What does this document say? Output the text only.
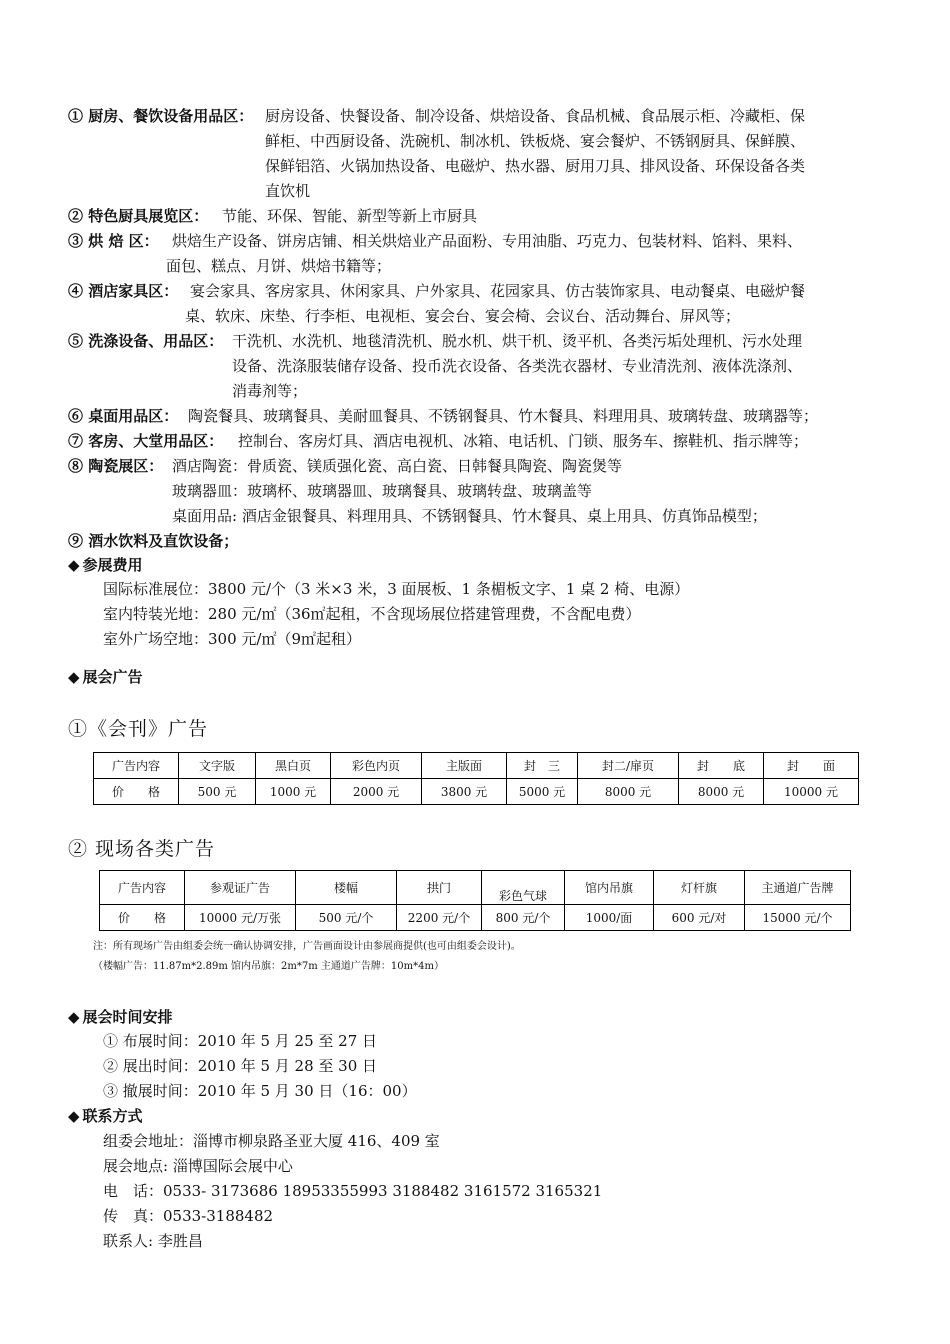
① 厨房、餐饮设备用品区： 厨房设备、快餐设备、制冷设备、烘焙设备、食品机械、食品展示柜、冷藏柜、保
鲜柜、中西厨设备、洗碗机、制冰机、铁板烧、宴会餐炉、不锈钢厨具、保鲜膜、
保鲜铝箔、火锅加热设备、电磁炉、热水器、厨用刀具、排风设备、环保设备各类
直饮机
② 特色厨具展览区： 节能、环保、智能、新型等新上市厨具
③ 烘 焙 区： 烘焙生产设备、饼房店铺、相关烘焙业产品面粉、专用油脂、巧克力、包装材料、馅料、果料、
面包、糕点、月饼、烘焙书籍等；
④ 酒店家具区： 宴会家具、客房家具、休闲家具、户外家具、花园家具、仿古装饰家具、电动餐桌、电磁炉餐
桌、软床、床垫、行李柜、电视柜、宴会台、宴会椅、会议台、活动舞台、屏风等；
⑤ 洗涤设备、用品区： 干洗机、水洗机、地毯清洗机、脱水机、烘干机、烫平机、各类污垢处理机、污水处理
设备、洗涤服装储存设备、投币洗衣设备、各类洗衣器材、专业清洗剂、液体洗涤剂、
消毒剂等；
⑥ 桌面用品区： 陶瓷餐具、玻璃餐具、美耐皿餐具、不锈钢餐具、竹木餐具、料理用具、玻璃转盘、玻璃器等；
⑦ 客房、大堂用品区： 控制台、客房灯具、酒店电视机、冰箱、电话机、门锁、服务车、擦鞋机、指示牌等；
⑧ 陶瓷展区： 酒店陶瓷：骨质瓷、镁质强化瓷、高白瓷、日韩餐具陶瓷、陶瓷煲等
玻璃器皿：玻璃杯、玻璃器皿、玻璃餐具、玻璃转盘、玻璃盖等
桌面用品: 酒店金银餐具、料理用具、不锈钢餐具、竹木餐具、桌上用具、仿真饰品模型；
⑨ 酒水饮料及直饮设备；
◆ 参展费用
国际标准展位：3800 元/个（3 米×3 米，3 面展板、1 条楣板文字、1 桌 2 椅、电源）
室内特装光地：280 元/㎡（36㎡起租，不含现场展位搭建管理费，不含配电费）
室外广场空地：300 元/㎡（9㎡起租）
◆ 展会广告
①《会刊》广告
广告内容	文字版	黑白页	彩色内页	主版面	封　三	封二/扉页	封　　底	封　　面
价　　格	500 元	1000 元	2000 元	3800 元	5000 元	8000 元	8000 元	10000 元
② 现场各类广告
广告内容	参观证广告	楼幅	拱门	彩色气球	馆内吊旗	灯杆旗	主通道广告牌
价　　格	10000 元/万张	500 元/个	2200 元/个	800 元/个	1000/面	600 元/对	15000 元/个
注：所有现场广告由组委会统一确认协调安排，广告画面设计由参展商提供(也可由组委会设计)。
（楼幅广告：11.87m*2.89m 馆内吊旗：2m*7m 主通道广告牌：10m*4m）
◆ 展会时间安排
① 布展时间：2010 年 5 月 25 至 27 日
② 展出时间：2010 年 5 月 28 至 30 日
③ 撤展时间：2010 年 5 月 30 日（16：00）
◆ 联系方式
组委会地址：淄博市柳泉路圣亚大厦 416、409 室
展会地点: 淄博国际会展中心
电　话：0533- 3173686 18953355993 3188482 3161572 3165321
传　真：0533-3188482
联系人: 李胜昌
